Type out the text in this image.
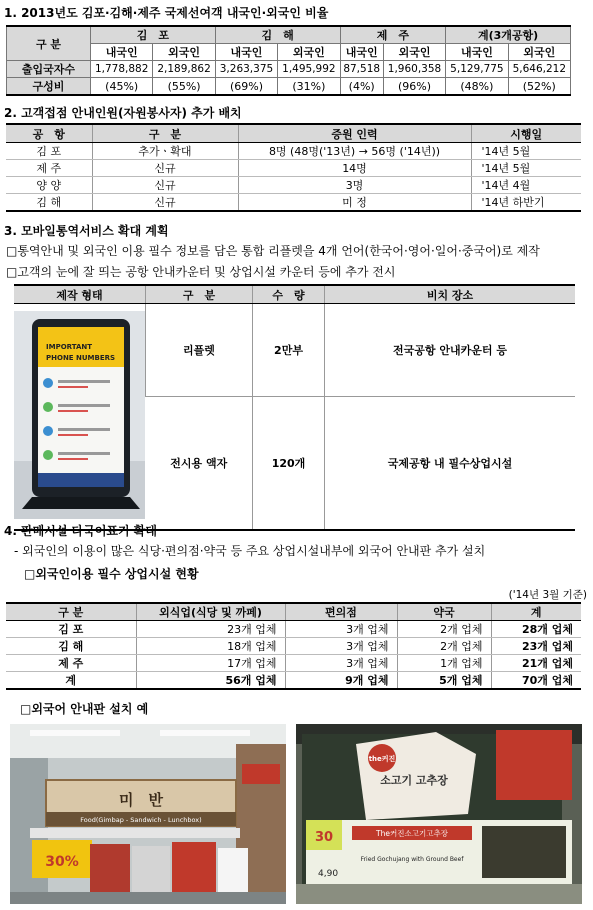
1. 2013년도 김포·김해·제주 국제선여객 내국인·외국인 비율
구 분	김　포		김　해		제　주		계(3개공항)	
	내국인	외국인	내국인	외국인	내국인	외국인	내국인	외국인
출입국자수	1,778,882	2,189,862	3,263,375	1,495,992	87,518	1,960,358	5,129,775	5,646,212
구성비	(45%)	(55%)	(69%)	(31%)	(4%)	(96%)	(48%)	(52%)
2. 고객접점 안내인원(자원봉사자) 추가 배치
공　항	구　분	증원 인력	시행일
김 포	추가ㆍ확대	8명 (48명('13년) → 56명 ('14년))	'14년 5월
제 주	신규	14명	'14년 5월
양 양	신규	3명	'14년 4월
김 해	신규	미 정	'14년 하반기
3. 모바일통역서비스 확대 계획
□통역안내 및 외국인 이용 필수 정보를 담은 통합 리플렛을 4개 언어(한국어·영어·일어·중국어)로 제작
□고객의 눈에 잘 띄는 공항 안내카운터 및 상업시설 카운터 등에 추가 전시
제작 형태	구　분	수　량	비치 장소

IMPORTANT
PHONE NUMBERS	리플렛	2만부	전국공항 안내카운터 등
	전시용 액자	120개	국제공항 내 필수상업시설
4. 판매시설 다국어표기 확대
- 외국인의 이용이 많은 식당·편의점·약국 등 주요 상업시설내부에 외국어 안내판 추가 설치
□외국인이용 필수 상업시설 현황
('14년 3월 기준)
구 분	외식업(식당 및 까페)	편의점	약국	계
김 포	23개 업체	3개 업체	2개 업체	28개 업체
김 해	18개 업체	3개 업체	2개 업체	23개 업체
제 주	17개 업체	3개 업체	1개 업체	21개 업체
계	56개 업체	9개 업체	5개 업체	70개 업체
□외국어 안내판 설치 예
미　반
Food(Gimbap - Sandwich - Lunchbox)
30%
the커진
소고기 고추장
30	The커진소고기고추장
Fried Gochujang with Ground Beef
4,90
